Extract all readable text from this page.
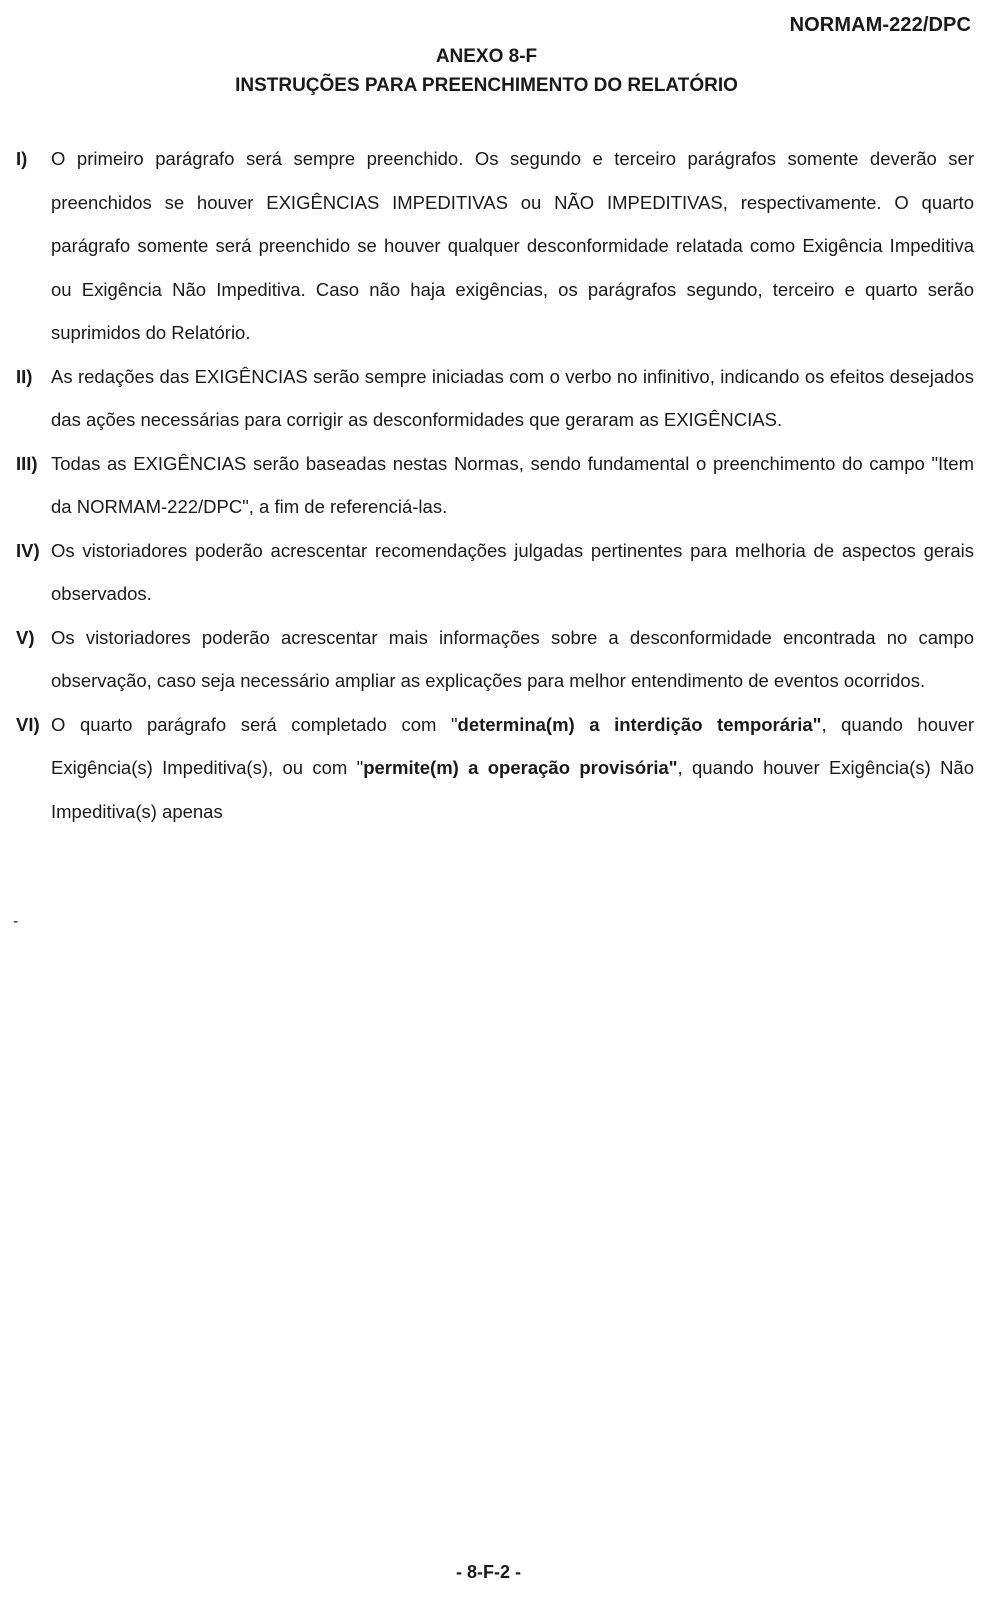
NORMAM-222/DPC
ANEXO 8-F
INSTRUÇÕES PARA PREENCHIMENTO DO RELATÓRIO
I)	O primeiro parágrafo será sempre preenchido. Os segundo e terceiro parágrafos somente deverão ser preenchidos se houver EXIGÊNCIAS IMPEDITIVAS ou NÃO IMPEDITIVAS, respectivamente. O quarto parágrafo somente será preenchido se houver qualquer desconformidade relatada como Exigência Impeditiva ou Exigência Não Impeditiva. Caso não haja exigências, os parágrafos segundo, terceiro e quarto serão suprimidos do Relatório.
II)	As redações das EXIGÊNCIAS serão sempre iniciadas com o verbo no infinitivo, indicando os efeitos desejados das ações necessárias para corrigir as desconformidades que geraram as EXIGÊNCIAS.
III) Todas as EXIGÊNCIAS serão baseadas nestas Normas, sendo fundamental o preenchimento do campo "Item da NORMAM-222/DPC", a fim de referenciá-las.
IV) Os vistoriadores poderão acrescentar recomendações julgadas pertinentes para melhoria de aspectos gerais observados.
V) Os vistoriadores poderão acrescentar mais informações sobre a desconformidade encontrada no campo observação, caso seja necessário ampliar as explicações para melhor entendimento de eventos ocorridos.
VI) O quarto parágrafo será completado com "determina(m) a interdição temporária", quando houver Exigência(s) Impeditiva(s), ou com "permite(m) a operação provisória", quando houver Exigência(s) Não Impeditiva(s) apenas
-
- 8-F-2 -
